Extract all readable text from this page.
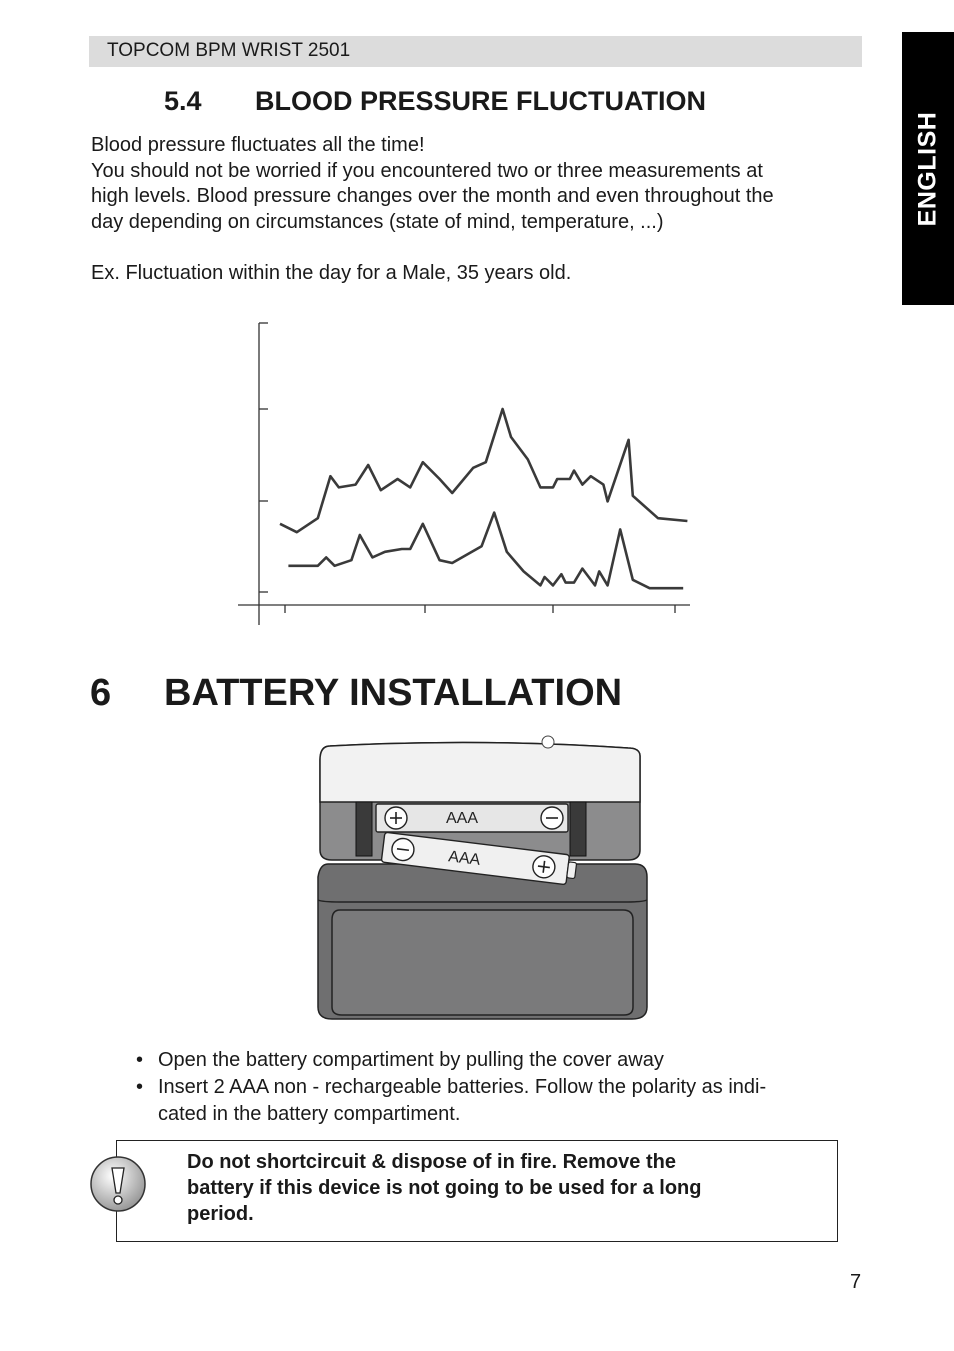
TOPCOM BPM WRIST 2501
ENGLISH
5.4 BLOOD PRESSURE FLUCTUATION
Blood pressure fluctuates all the time!
You should not be worried if you encountered two or three measurements at
high levels. Blood pressure changes over the month and even throughout the
day depending on circumstances (state of mind, temperature, ...)
Ex. Fluctuation within the day for a Male, 35 years old.
6 BATTERY INSTALLATION
AAA
AAA
• Open the battery compartiment by pulling the cover away
• Insert 2 AAA non - rechargeable batteries. Follow the polarity as indi-
cated in the battery compartiment.
Do not shortcircuit & dispose of in fire. Remove the
battery if this device is not going to be used for a long
period.
7
